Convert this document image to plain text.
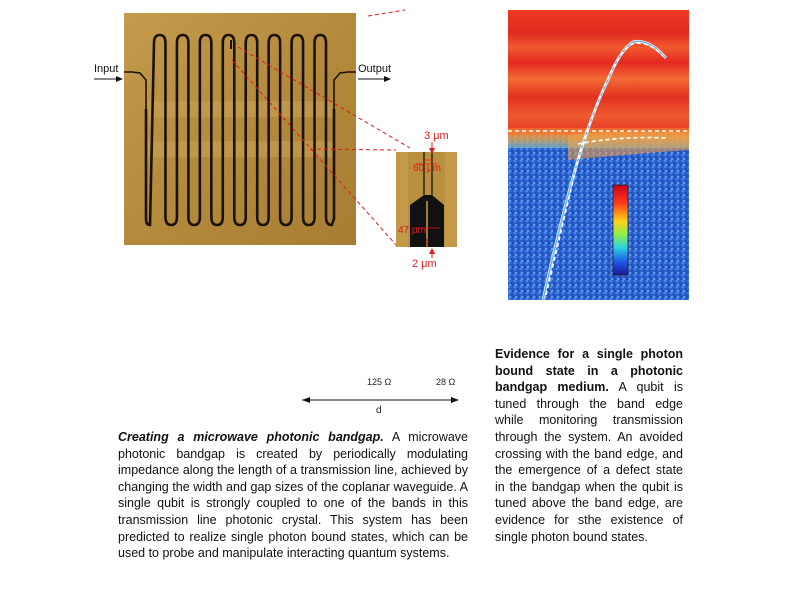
Input	Output
3 μm
60 μm
47 μm
2 μm
125 Ω	28 Ω
d
Creating a microwave photonic bandgap. A microwave photonic bandgap is created by periodically modulating impedance along the length of a transmission line, achieved by changing the width and gap sizes of the coplanar waveguide. A single qubit is strongly coupled to one of the bands in this transmission line photonic crystal. This system has been predicted to realize single photon bound states, which can be used to probe and manipulate interacting quantum systems.
Evidence for a single photon bound state in a photonic bandgap medium. A qubit is tuned through the band edge while monitoring transmission through the system. An avoided crossing with the band edge, and the emergence of a defect state in the bandgap when the qubit is tuned above the band edge, are evidence for sthe existence of single photon bound states.
